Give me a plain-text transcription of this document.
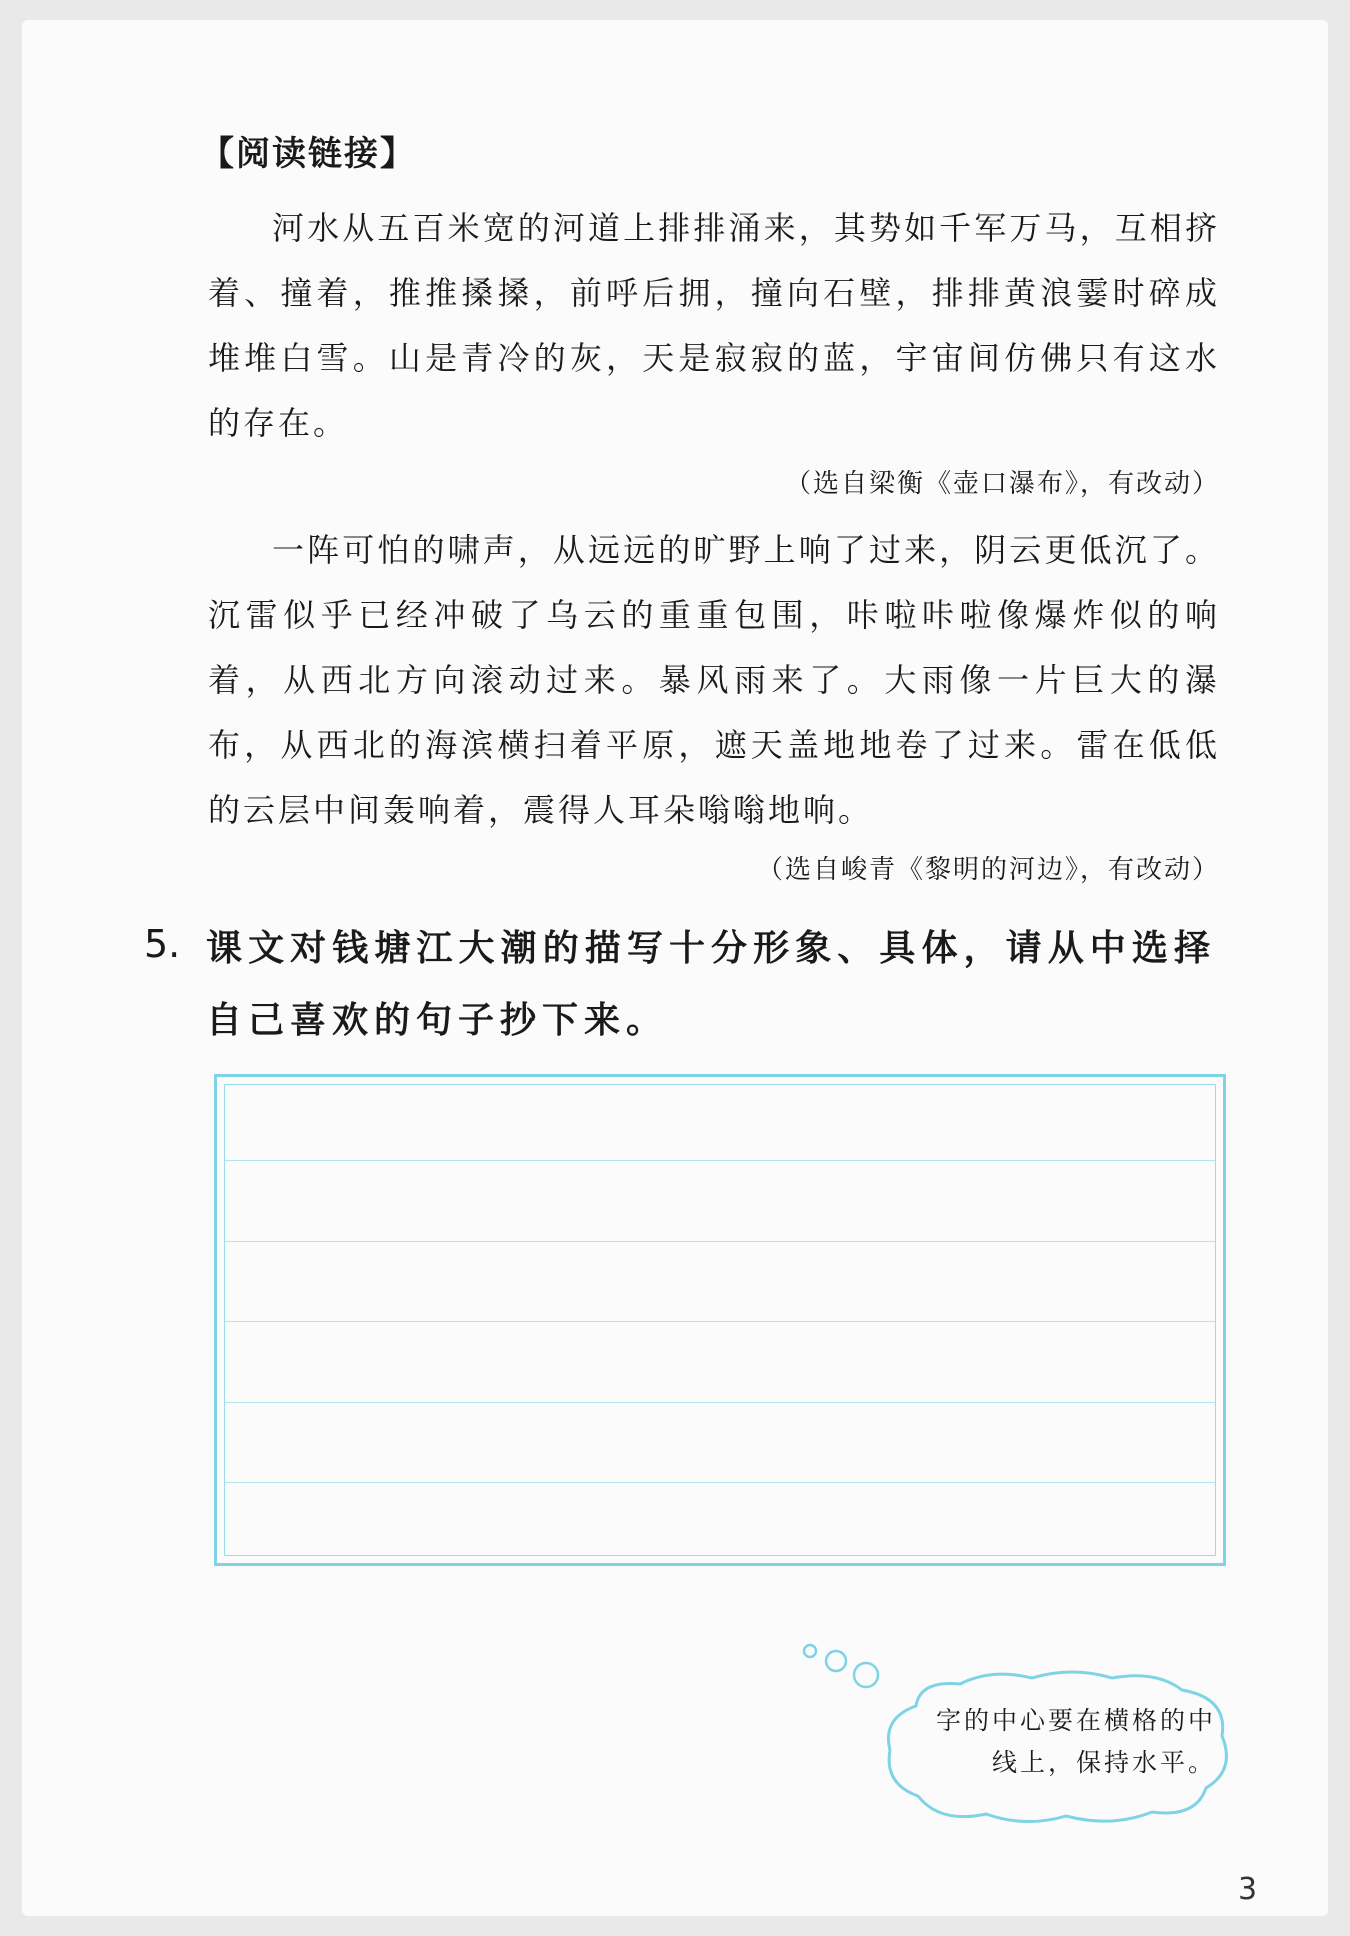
【阅读链接】

河水从五百米宽的河道上排排涌来，其势如千军万马，互相挤着、撞着，推推搡搡，前呼后拥，撞向石壁，排排黄浪霎时碎成堆堆白雪。山是青冷的灰，天是寂寂的蓝，宇宙间仿佛只有这水的存在。

（选自梁衡《壶口瀑布》，有改动）

一阵可怕的啸声，从远远的旷野上响了过来，阴云更低沉了。沉雷似乎已经冲破了乌云的重重包围，咔啦咔啦像爆炸似的响着，从西北方向滚动过来。暴风雨来了。大雨像一片巨大的瀑布，从西北的海滨横扫着平原，遮天盖地地卷了过来。雷在低低的云层中间轰响着，震得人耳朵嗡嗡地响。

（选自峻青《黎明的河边》，有改动）
5. 课文对钱塘江大潮的描写十分形象、具体，请从中选择自己喜欢的句子抄下来。

字的中心要在横格的中线上，保持水平。

3
